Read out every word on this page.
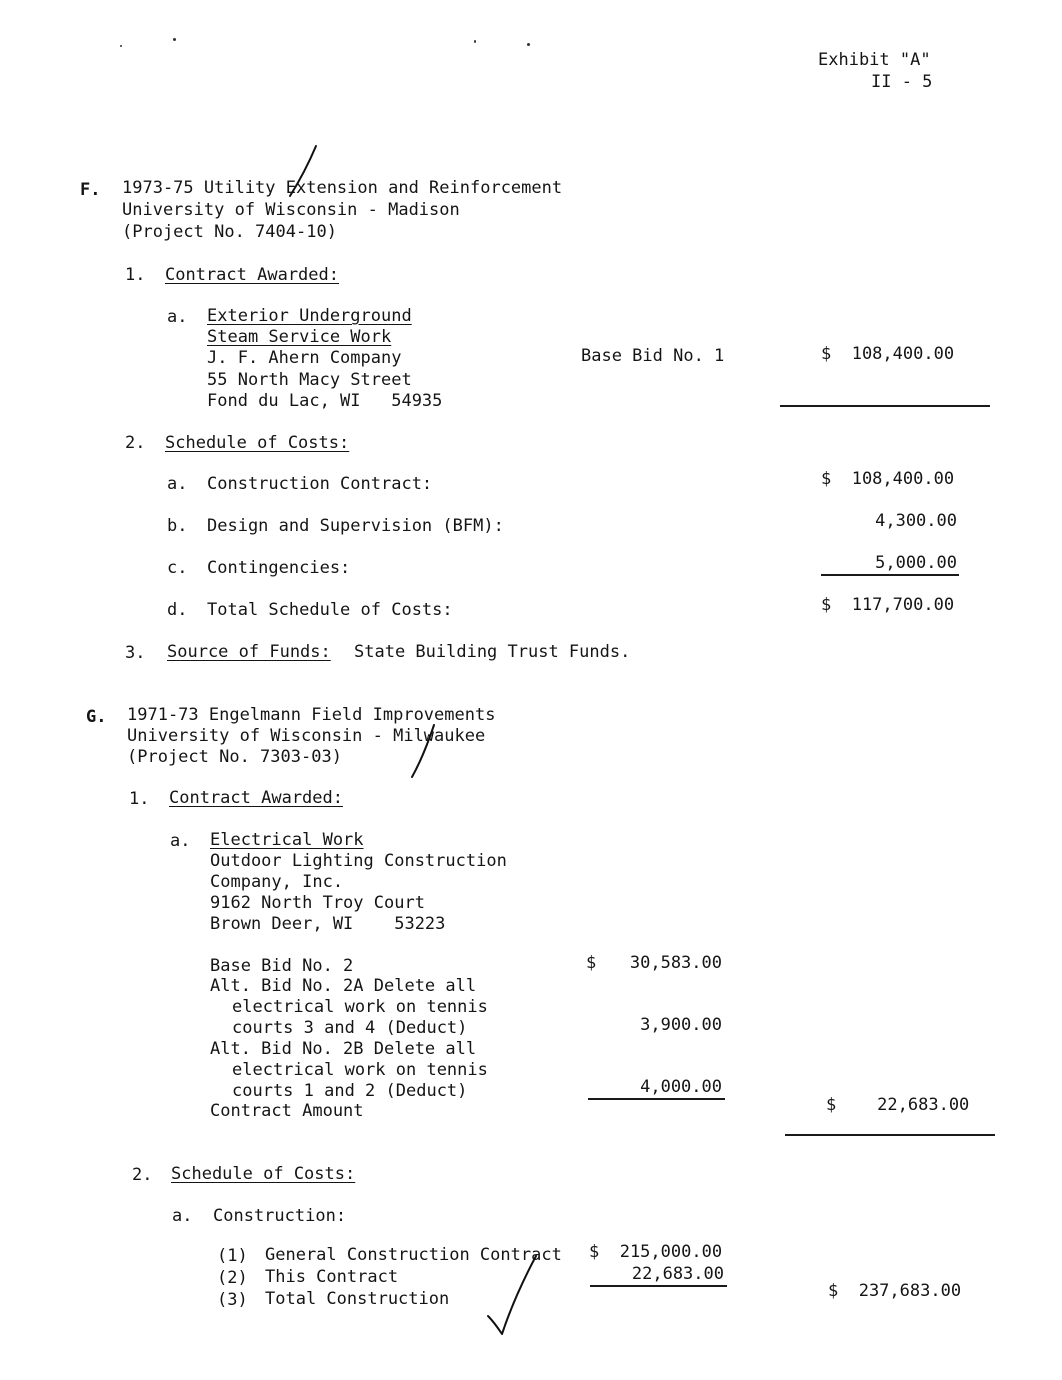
Exhibit "A"
II - 5
F. 1973-75 Utility Extension and Reinforcement
University of Wisconsin - Madison
(Project No. 7404-10)
1. Contract Awarded:
a. Exterior Underground
Steam Service Work
J. F. Ahern Company
55 North Macy Street
Fond du Lac, WI   54935
Base Bid No. 1	$  108,400.00
2. Schedule of Costs:
a. Construction Contract:	$  108,400.00
b. Design and Supervision (BFM):	4,300.00
c. Contingencies:	5,000.00
d. Total Schedule of Costs:	$  117,700.00
3. Source of Funds: State Building Trust Funds.
G. 1971-73 Engelmann Field Improvements
University of Wisconsin - Milwaukee
(Project No. 7303-03)
1. Contract Awarded:
a. Electrical Work
Outdoor Lighting Construction
Company, Inc.
9162 North Troy Court
Brown Deer, WI    53223
Base Bid No. 2	$	30,583.00
Alt. Bid No. 2A Delete all
electrical work on tennis
courts 3 and 4 (Deduct)	3,900.00
Alt. Bid No. 2B Delete all
electrical work on tennis
courts 1 and 2 (Deduct)	4,000.00
Contract Amount	$    22,683.00
2. Schedule of Costs:
a. Construction:
(1) General Construction Contract $  215,000.00
(2) This Contract	22,683.00
(3) Total Construction	$  237,683.00
